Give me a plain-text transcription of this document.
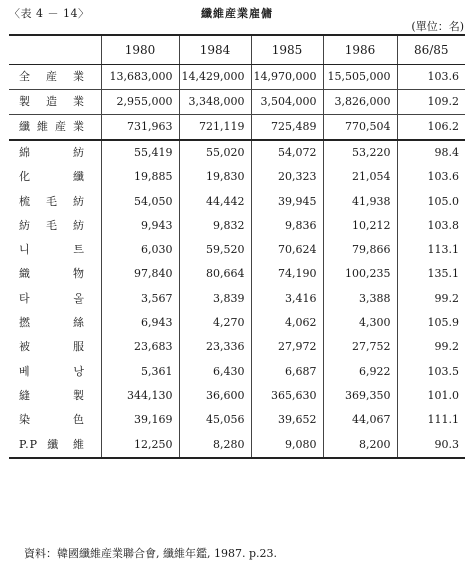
〈表 4 － 14〉	纖維産業雇傭
(單位：名)
	1980	1984	1985	1986	86/85

全 産 業	13,683,000	14,429,000	14,970,000	15,505,000	103.6

製 造 業	2,955,000	3,348,000	3,504,000	3,826,000	109.2

纖維産業	731,963	721,119	725,489	770,504	106.2

綿 紡	55,419	55,020	54,072	53,220	98.4

化 纖	19,885	19,830	20,323	21,054	103.6

梳 毛 紡	54,050	44,442	39,945	41,938	105.0

紡 毛 紡	9,943	9,832	9,836	10,212	103.8

니 트	6,030	59,520	70,624	79,866	113.1

織 物	97,840	80,664	74,190	100,235	135.1

타 올	3,567	3,839	3,416	3,388	99.2

撚 絲	6,943	4,270	4,062	4,300	105.9

被 服	23,683	23,336	27,972	27,752	99.2

베 낭	5,361	6,430	6,687	6,922	103.5

縫 製	344,130	36,600	365,630	369,350	101.0

染 色	39,169	45,056	39,652	44,067	111.1

P.P 纖 維	12,250	8,280	9,080	8,200	90.3
資料：韓國纖維産業聯合會, 纖維年鑑, 1987. p.23.
